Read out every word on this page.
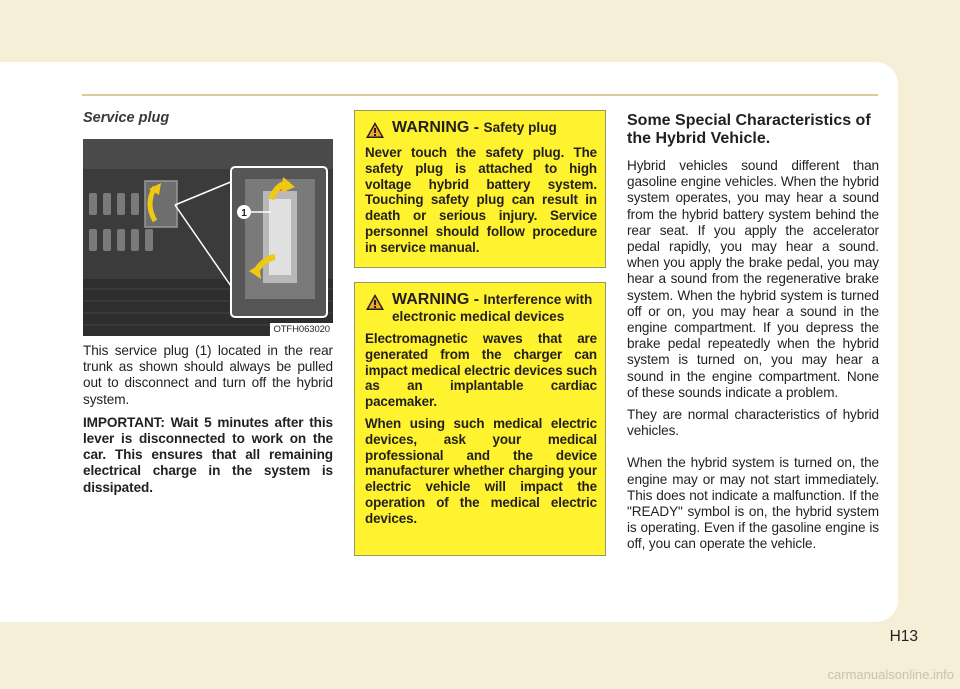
Service plug
1
OTFH063020

This service plug (1) located in the rear trunk as shown should always be pulled out to disconnect and turn off the hybrid system.

IMPORTANT: Wait 5 minutes after this lever is disconnected to work on the car. This ensures that all remaining electrical charge in the system is dissipated.

WARNING - Safety plug

Never touch the safety plug. The safety plug is attached to high voltage hybrid battery system. Touching safety plug can result in death or serious injury. Service personnel should follow procedure in service manual.

WARNING - Interference with electronic medical devices

Electromagnetic waves that are generated from the charger can impact medical electric devices such as an implantable cardiac pacemaker.

When using such medical electric devices, ask your medical professional and the device manufacturer whether charging your electric vehicle will impact the operation of the medical electric devices.

Some Special Characteristics of the Hybrid Vehicle.

Hybrid vehicles sound different than gasoline engine vehicles. When the hybrid system operates, you may hear a sound from the hybrid battery system behind the rear seat. If you apply the accelerator pedal rapidly, you may hear a sound. when you apply the brake pedal, you may hear a sound from the regenerative brake system. When the hybrid system is turned off or on, you may hear a sound in the engine compartment. If you depress the brake pedal repeatedly when the hybrid system is turned on, you may hear a sound in the engine compartment. None of these sounds indicate a problem.

They are normal characteristics of hybrid vehicles.

When the hybrid system is turned on, the engine may or may not start immediately. This does not indicate a malfunction. If the "READY" symbol is on, the hybrid system is operating. Even if the gasoline engine is off, you can operate the vehicle.

H13
carmanualsonline.info
